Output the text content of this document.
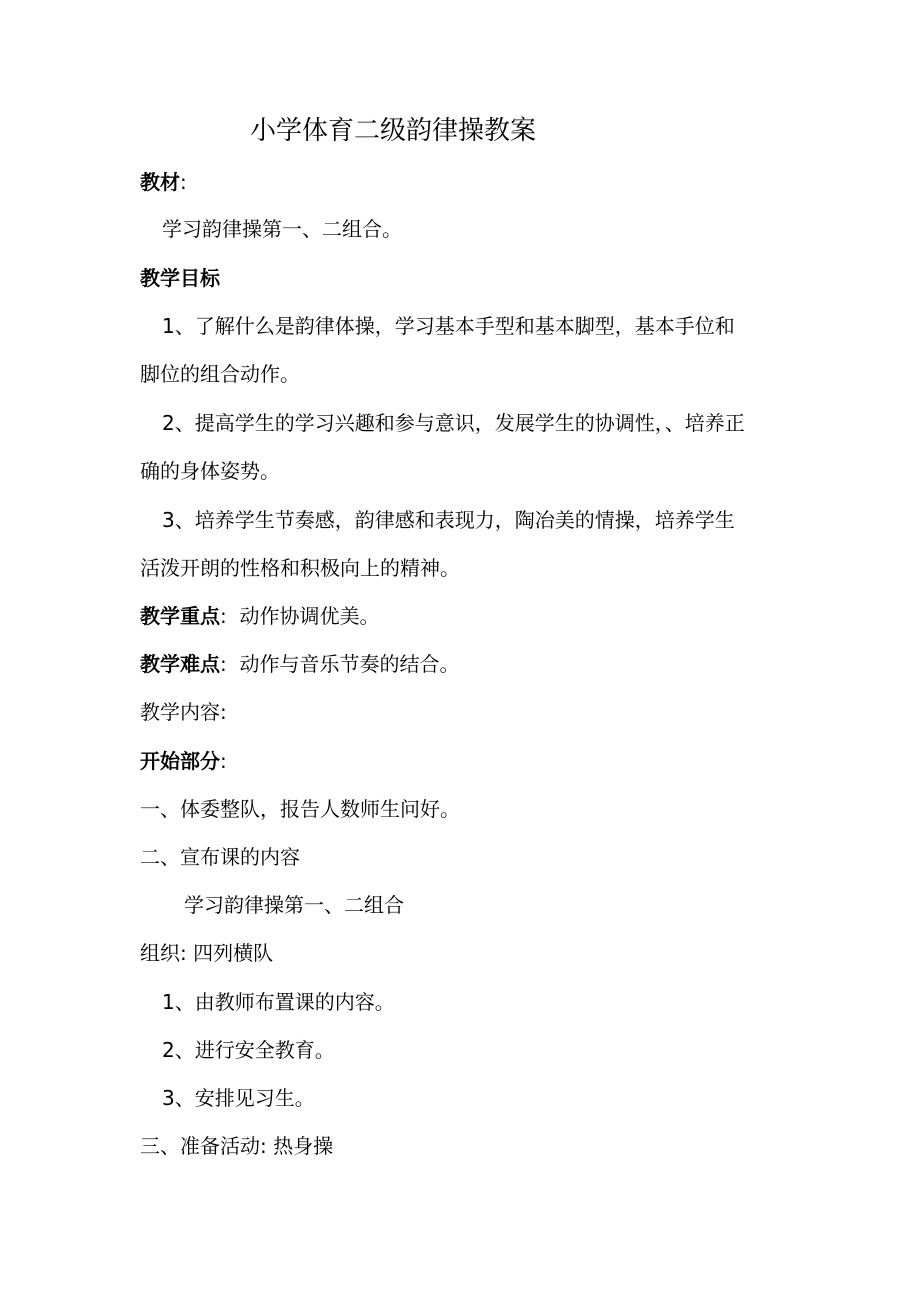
小学体育二级韵律操教案
教材:
学习韵律操第一、二组合。
教学目标
1、了解什么是韵律体操，学习基本手型和基本脚型，基本手位和
脚位的组合动作。
2、提高学生的学习兴趣和参与意识，发展学生的协调性，、培养正
确的身体姿势。
3、培养学生节奏感，韵律感和表现力，陶冶美的情操，培养学生
活泼开朗的性格和积极向上的精神。
教学重点: 动作协调优美。
教学难点: 动作与音乐节奏的结合。
教学内容:
开始部分:
一、体委整队，报告人数师生问好。
二、宣布课的内容
学习韵律操第一、二组合
组织: 四列横队
1、由教师布置课的内容。
2、进行安全教育。
3、安排见习生。
三、准备活动: 热身操
